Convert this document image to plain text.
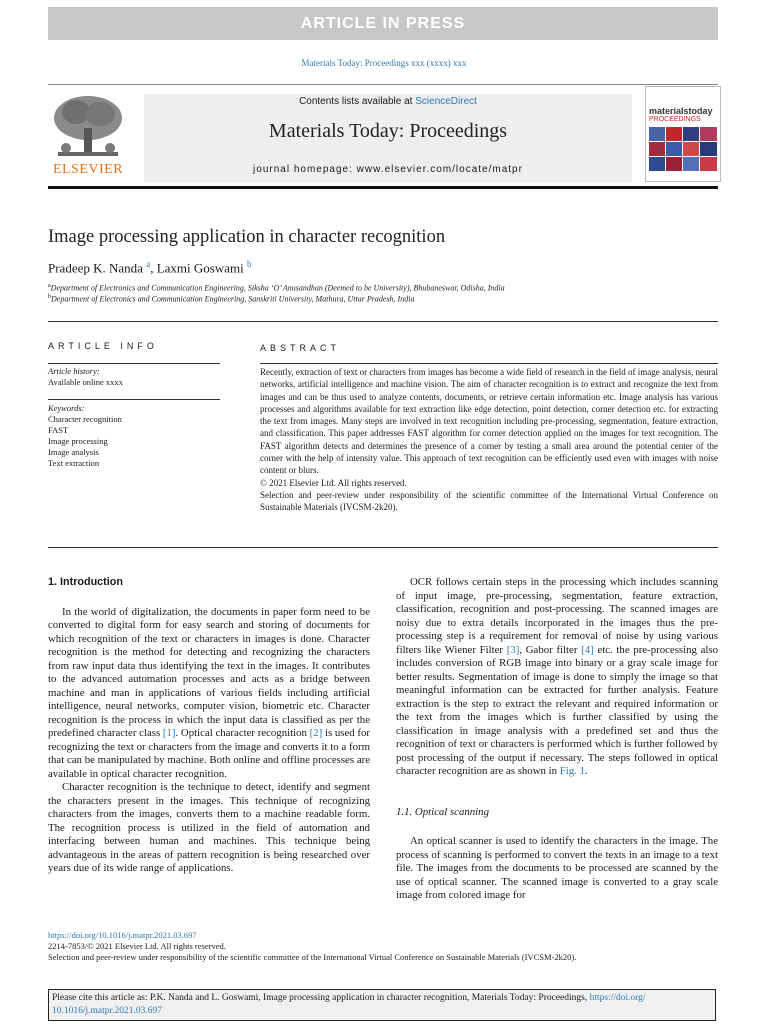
ARTICLE IN PRESS
Materials Today: Proceedings xxx (xxxx) xxx
ELSEVIER
Contents lists available at ScienceDirect
Materials Today: Proceedings
journal homepage: www.elsevier.com/locate/matpr
materialstoday
PROCEEDINGS
Image processing application in character recognition
Pradeep K. Nanda $^a$, Laxmi Goswami $^b$
$^a$Department of Electronics and Communication Engineering, Siksha ‘O’ Anusandhan (Deemed to be University), Bhubaneswar, Odisha, India
$^b$Department of Electronics and Communication Engineering, Sanskriti University, Mathura, Uttar Pradesh, India
ARTICLE INFO	ABSTRACT
Article history:
Available online xxxx
Keywords:
Character recognition
FAST
Image processing
Image analysis
Text extraction
Recently, extraction of text or characters from images has become a wide field of research in the field of image analysis, neural networks, artificial intelligence and machine vision. The aim of character recognition is to extract and recognize the text from images and can be thus used to analyze contents, documents, or retrieve certain information etc. Image analysis has various processes and algorithms available for text extraction like edge detection, point detection, corner detection etc. for extracting the text from images. Many steps are involved in text recognition including pre-processing, segmentation, feature extraction, and classification. This paper addresses FAST algorithm for corner detection applied on the images for text recognition. The FAST algorithm detects and determines the presence of a corner by testing a small area around the potential center of the corner with the help of intensity value. This approach of text recognition can be efficiently used even with images with noise content or blurs.
© 2021 Elsevier Ltd. All rights reserved.
Selection and peer-review under responsibility of the scientific committee of the International Virtual Conference on Sustainable Materials (IVCSM-2k20).
1. Introduction

In the world of digitalization, the documents in paper form need to be converted to digital form for easy search and storing of documents for which recognition of the text or characters in images is done. Character recognition is the method for detecting and recognizing the characters from raw input data thus identifying the text in the images. It contributes to the advanced automation processes and acts as a bridge between machine and man in applications of various fields including artificial intelligence, neural networks, computer vision, biometric etc. Character recognition is the process in which the input data is classified as per the predefined character class [1]. Optical character recognition [2] is used for recognizing the text or characters from the image and converts it to a form that can be manipulated by machine. Both online and offline processes are available in optical character recognition.

Character recognition is the technique to detect, identify and segment the characters present in the images. This technique of recognizing characters from the images, converts them to a machine readable form. The recognition process is utilized in the field of automation and interfacing between human and machines. This technique being advantageous in the areas of pattern recognition is being researched over years due of its wide range of applications.

OCR follows certain steps in the processing which includes scanning of input image, pre-processing, segmentation, feature extraction, classification, recognition and post-processing. The scanned images are noisy due to extra details incorporated in the images thus the pre-processing step is a requirement for removal of noise by using various filters like Wiener Filter [3], Gabor filter [4] etc. the pre-processing also includes conversion of RGB image into binary or a gray scale image for better results. Segmentation of image is done to simply the image so that meaningful information can be extracted for further analysis. Feature extraction is the step to extract the relevant and required information or the text from the images which is further classified by using the classification in image analysis with a predefined set and thus the recognition of text or characters is performed which is further followed by post processing of the output if necessary. The steps followed in optical character recognition are as shown in Fig. 1.

1.1. Optical scanning

An optical scanner is used to identify the characters in the image. The process of scanning is performed to convert the texts in an image to a text file. The images from the documents to be processed are scanned by the use of optical scanner. The scanned image is converted to a gray scale image from colored image for

https://doi.org/10.1016/j.matpr.2021.03.697
2214-7853/© 2021 Elsevier Ltd. All rights reserved.
Selection and peer-review under responsibility of the scientific committee of the International Virtual Conference on Sustainable Materials (IVCSM-2k20).
Please cite this article as: P.K. Nanda and L. Goswami, Image processing application in character recognition, Materials Today: Proceedings, https://doi.org/
10.1016/j.matpr.2021.03.697
